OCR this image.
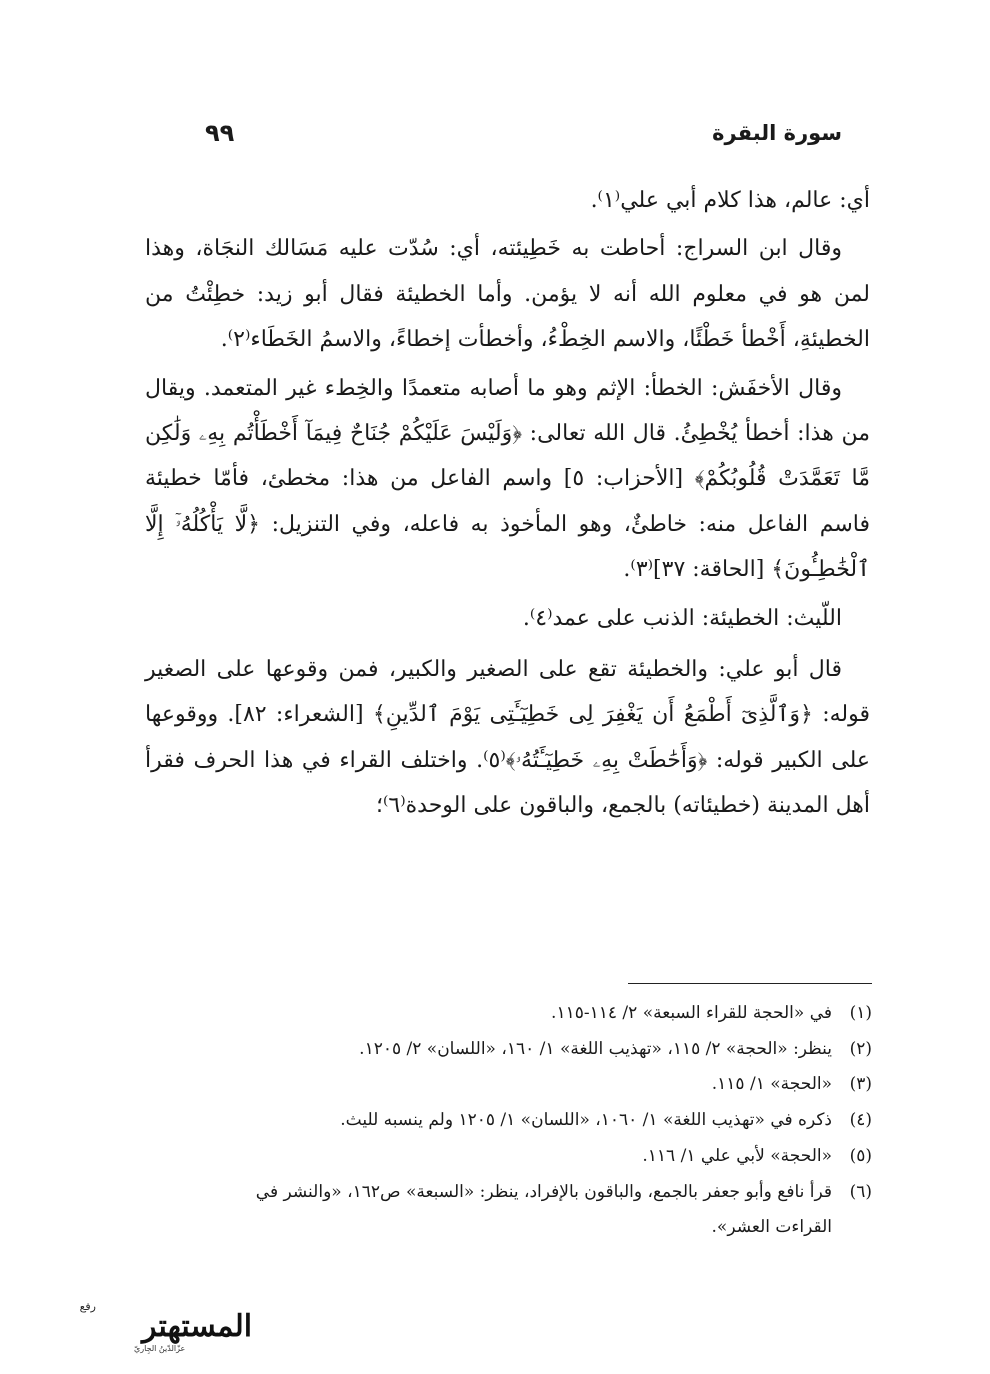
سورة البقرة
٩٩

أي: عالم، هذا كلام أبي علي⁽١⁾.

وقال ابن السراج: أحاطت به خَطِيئته، أي: سُدّت عليه مَسَالك النجَاة، وهذا لمن هو في معلوم الله أنه لا يؤمن. وأما الخطيئة فقال أبو زيد: خطِئْتُ من الخطيئةِ، أَخْطأ خَطْئًا، والاسم الخِطْءُ، وأخطأت إخطاءً، والاسمُ الخَطَاء⁽٢⁾.

وقال الأخفَش: الخطأ: الإثم وهو ما أصابه متعمدًا والخِطء غير المتعمد. ويقال من هذا: أخطأ يُخْطِئُ. قال الله تعالى: ﴿وَلَيْسَ عَلَيْكُمْ جُنَاحٌ فِيمَآ أَخْطَأْتُم بِهِۦ وَلَٰكِن مَّا تَعَمَّدَتْ قُلُوبُكُمْ﴾ [الأحزاب: ٥] واسم الفاعل من هذا: مخطئ، فأمّا خطيئة فاسم الفاعل منه: خاطئٌ، وهو المأخوذ به فاعله، وفي التنزيل: ﴿لَّا يَأْكُلُهُۥٓ إِلَّا ٱلْخَٰطِـُٔونَ﴾ [الحاقة: ٣٧]⁽٣⁾.

اللّيث: الخطيئة: الذنب على عمد⁽٤⁾.

قال أبو علي: والخطيئة تقع على الصغير والكبير، فمن وقوعها على الصغير قوله: ﴿وَٱلَّذِىٓ أَطْمَعُ أَن يَغْفِرَ لِى خَطِيٓـَٔتِى يَوْمَ ٱلدِّينِ﴾ [الشعراء: ٨٢]. ووقوعها على الكبير قوله: ﴿وَأَحَٰطَتْ بِهِۦ خَطِيٓـَٔتُهُۥ﴾⁽٥⁾. واختلف القراء في هذا الحرف فقرأ أهل المدينة (خطيئاته) بالجمع، والباقون على الوحدة⁽٦⁾؛

(١)
في «الحجة للقراء السبعة» ٢/ ١١٤-١١٥.
(٢)
ينظر: «الحجة» ٢/ ١١٥، «تهذيب اللغة» ١/ ١٦٠، «اللسان» ٢/ ١٢٠٥.
(٣)
«الحجة» ١/ ١١٥.
(٤)
ذكره في «تهذيب اللغة» ١/ ١٠٦٠، «اللسان» ١/ ١٢٠٥ ولم ينسبه لليث.
(٥)
«الحجة» لأبي علي ١/ ١١٦.
(٦)
قرأ نافع وأبو جعفر بالجمع، والباقون بالإفراد، ينظر: «السبعة» ص١٦٢، «والنشر في القراءت العشر».
رفع
المستهتر
عزّالدّينُ الجِاريّ
